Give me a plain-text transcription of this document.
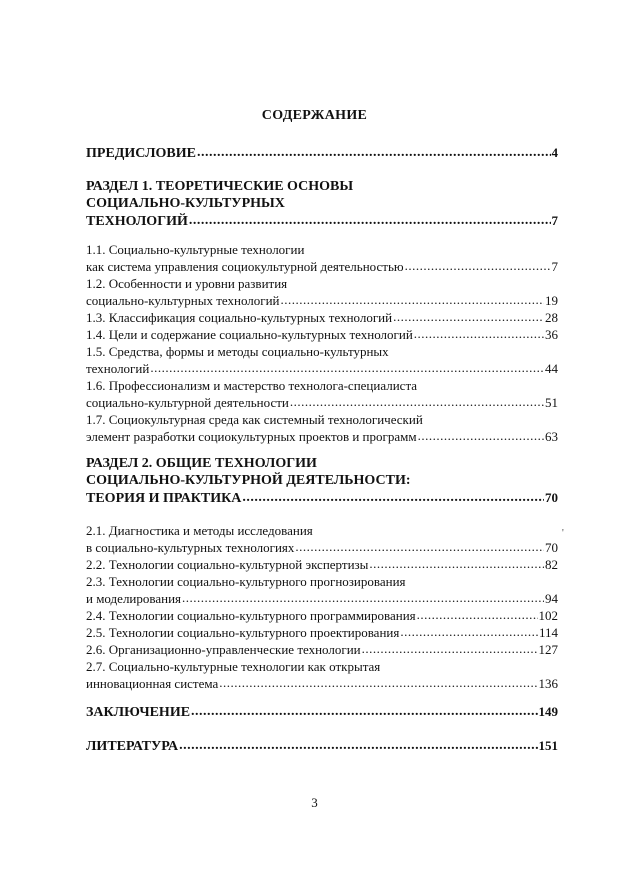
СОДЕРЖАНИЕ
ПРЕДИСЛОВИЕ .....	4
РАЗДЕЛ 1. ТЕОРЕТИЧЕСКИЕ ОСНОВЫ
СОЦИАЛЬНО-КУЛЬТУРНЫХ
ТЕХНОЛОГИЙ .....	7
1.1. Социально-культурные технологии
как система управления социокультурной деятельностью .....	7
1.2. Особенности и уровни развития
социально-культурных технологий .....	19
1.3. Классификация социально-культурных технологий .....	28
1.4. Цели и содержание социально-культурных технологий .....	36
1.5. Средства, формы и методы социально-культурных
технологий .....	44
1.6. Профессионализм и мастерство технолога-специалиста
социально-культурной деятельности .....	51
1.7. Социокультурная среда как системный технологический
элемент разработки социокультурных проектов и программ .....	63
РАЗДЕЛ 2. ОБЩИЕ ТЕХНОЛОГИИ
СОЦИАЛЬНО-КУЛЬТУРНОЙ ДЕЯТЕЛЬНОСТИ:
ТЕОРИЯ И ПРАКТИКА .....	70
'
2.1. Диагностика и методы исследования
в социально-культурных технологиях .....	70
2.2. Технологии социально-культурной экспертизы .....	82
2.3. Технологии социально-культурного прогнозирования
и моделирования .....	94
2.4. Технологии социально-культурного программирования .....	102
2.5. Технологии социально-культурного проектирования .....	114
2.6. Организационно-управленческие технологии .....	127
2.7. Социально-культурные технологии как открытая
инновационная система .....	136
ЗАКЛЮЧЕНИЕ .....	149
ЛИТЕРАТУРА .....	151
3
